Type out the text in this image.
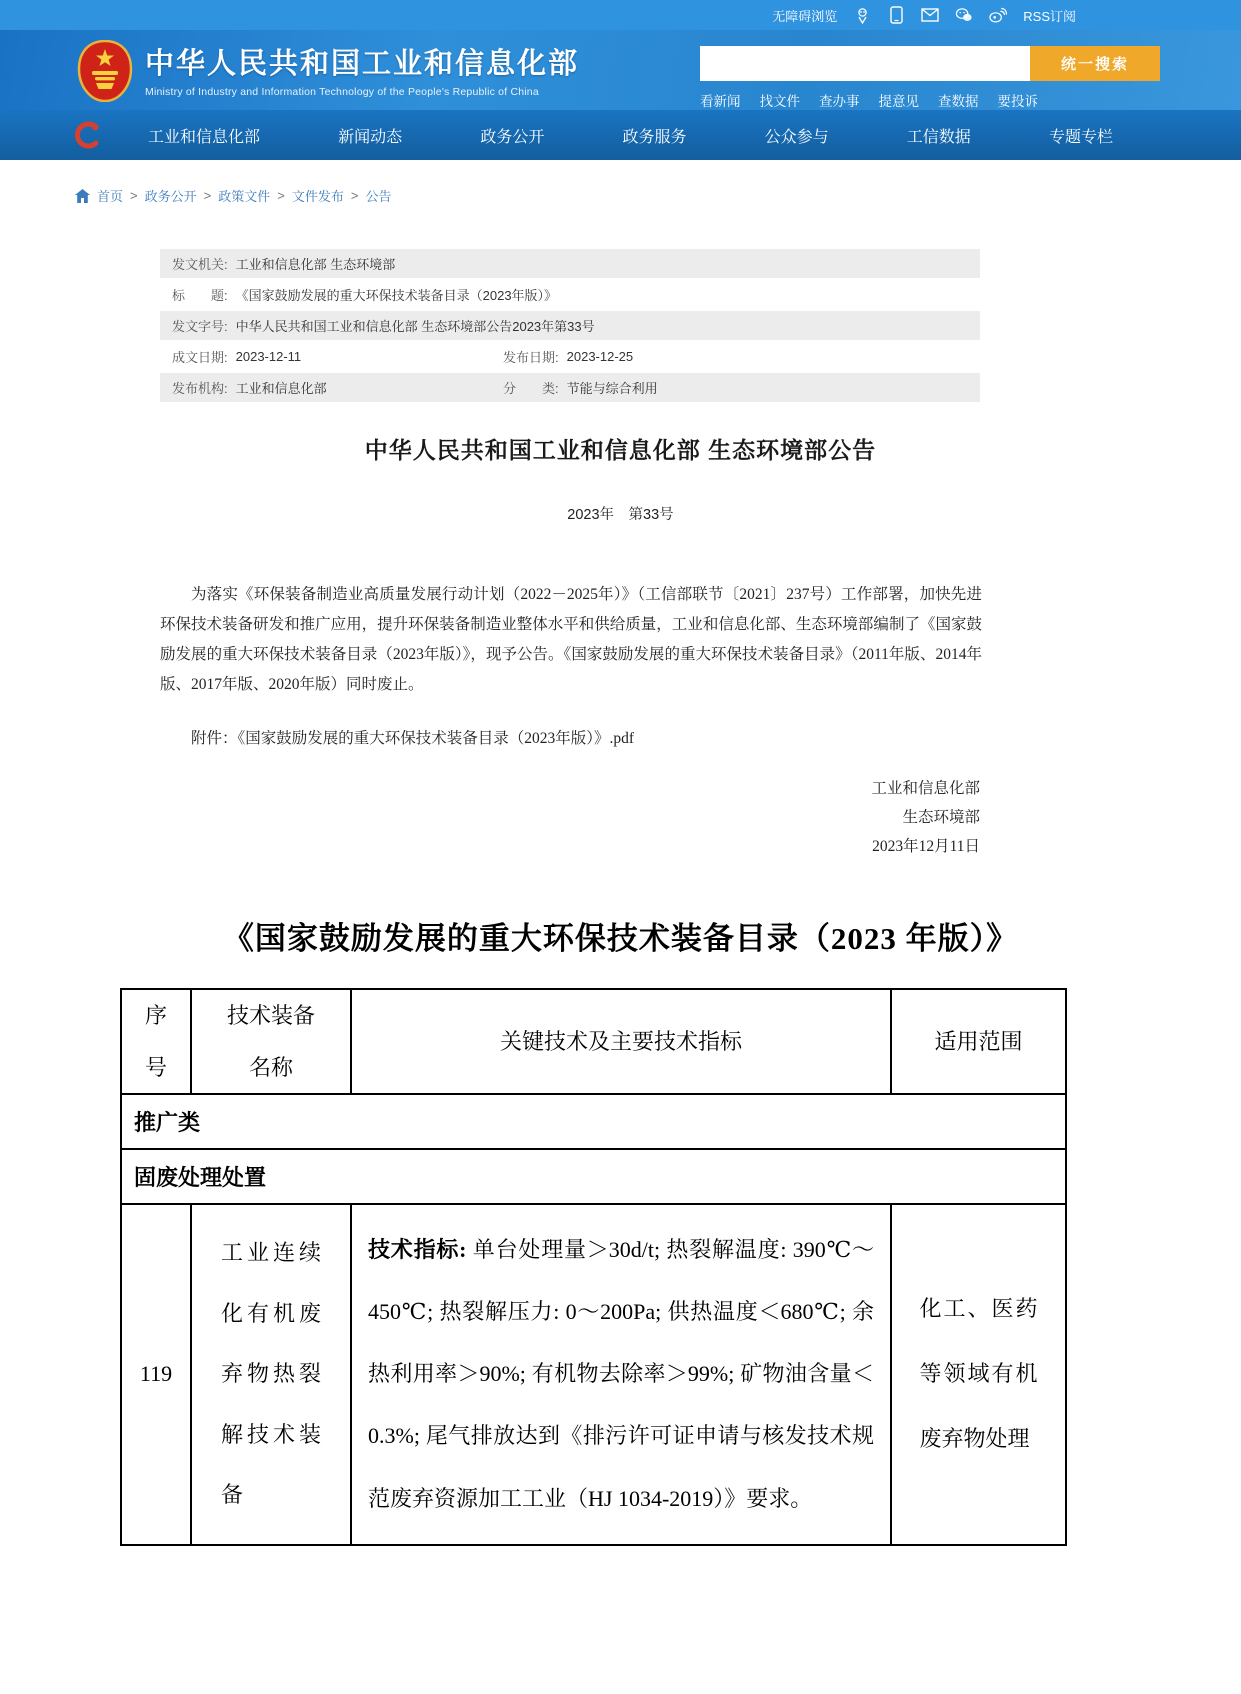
无障碍浏览	RSS订阅
中华人民共和国工业和信息化部
Ministry of Industry and Information Technology of the People's Republic of China
统一搜索
看新闻 找文件 查办事 提意见 查数据 要投诉
工业和信息化部	新闻动态	政务公开	政务服务	公众参与	工信数据	专题专栏
首页 > 政务公开 > 政策文件 > 文件发布 > 公告
发文机关: 工业和信息化部 生态环境部
标　　题: 《国家鼓励发展的重大环保技术装备目录（2023年版）》
发文字号: 中华人民共和国工业和信息化部 生态环境部公告2023年第33号
成文日期: 2023-12-11	发布日期: 2023-12-25
发布机构: 工业和信息化部	分　　类: 节能与综合利用
中华人民共和国工业和信息化部 生态环境部公告
2023年　第33号

为落实《环保装备制造业高质量发展行动计划（2022－2025年）》（工信部联节〔2021〕237号）工作部署，加快先进环保技术装备研发和推广应用，提升环保装备制造业整体水平和供给质量，工业和信息化部、生态环境部编制了《国家鼓励发展的重大环保技术装备目录（2023年版）》，现予公告。《国家鼓励发展的重大环保技术装备目录》（2011年版、2014年版、2017年版、2020年版）同时废止。

附件：《国家鼓励发展的重大环保技术装备目录（2023年版）》.pdf
工业和信息化部
生态环境部
2023年12月11日
《国家鼓励发展的重大环保技术装备目录（2023 年版）》
序号	技术装备名称	关键技术及主要技术指标	适用范围
推广类			
固废处理处置			
119	工业连续化有机废弃物热裂解技术装备	技术指标: 单台处理量＞30d/t; 热裂解温度: 390℃～450℃; 热裂解压力: 0～200Pa; 供热温度＜680℃; 余热利用率＞90%; 有机物去除率＞99%; 矿物油含量＜0.3%; 尾气排放达到《排污许可证申请与核发技术规范废弃资源加工工业（HJ 1034-2019）》要求。	化工、医药等领域有机废弃物处理
